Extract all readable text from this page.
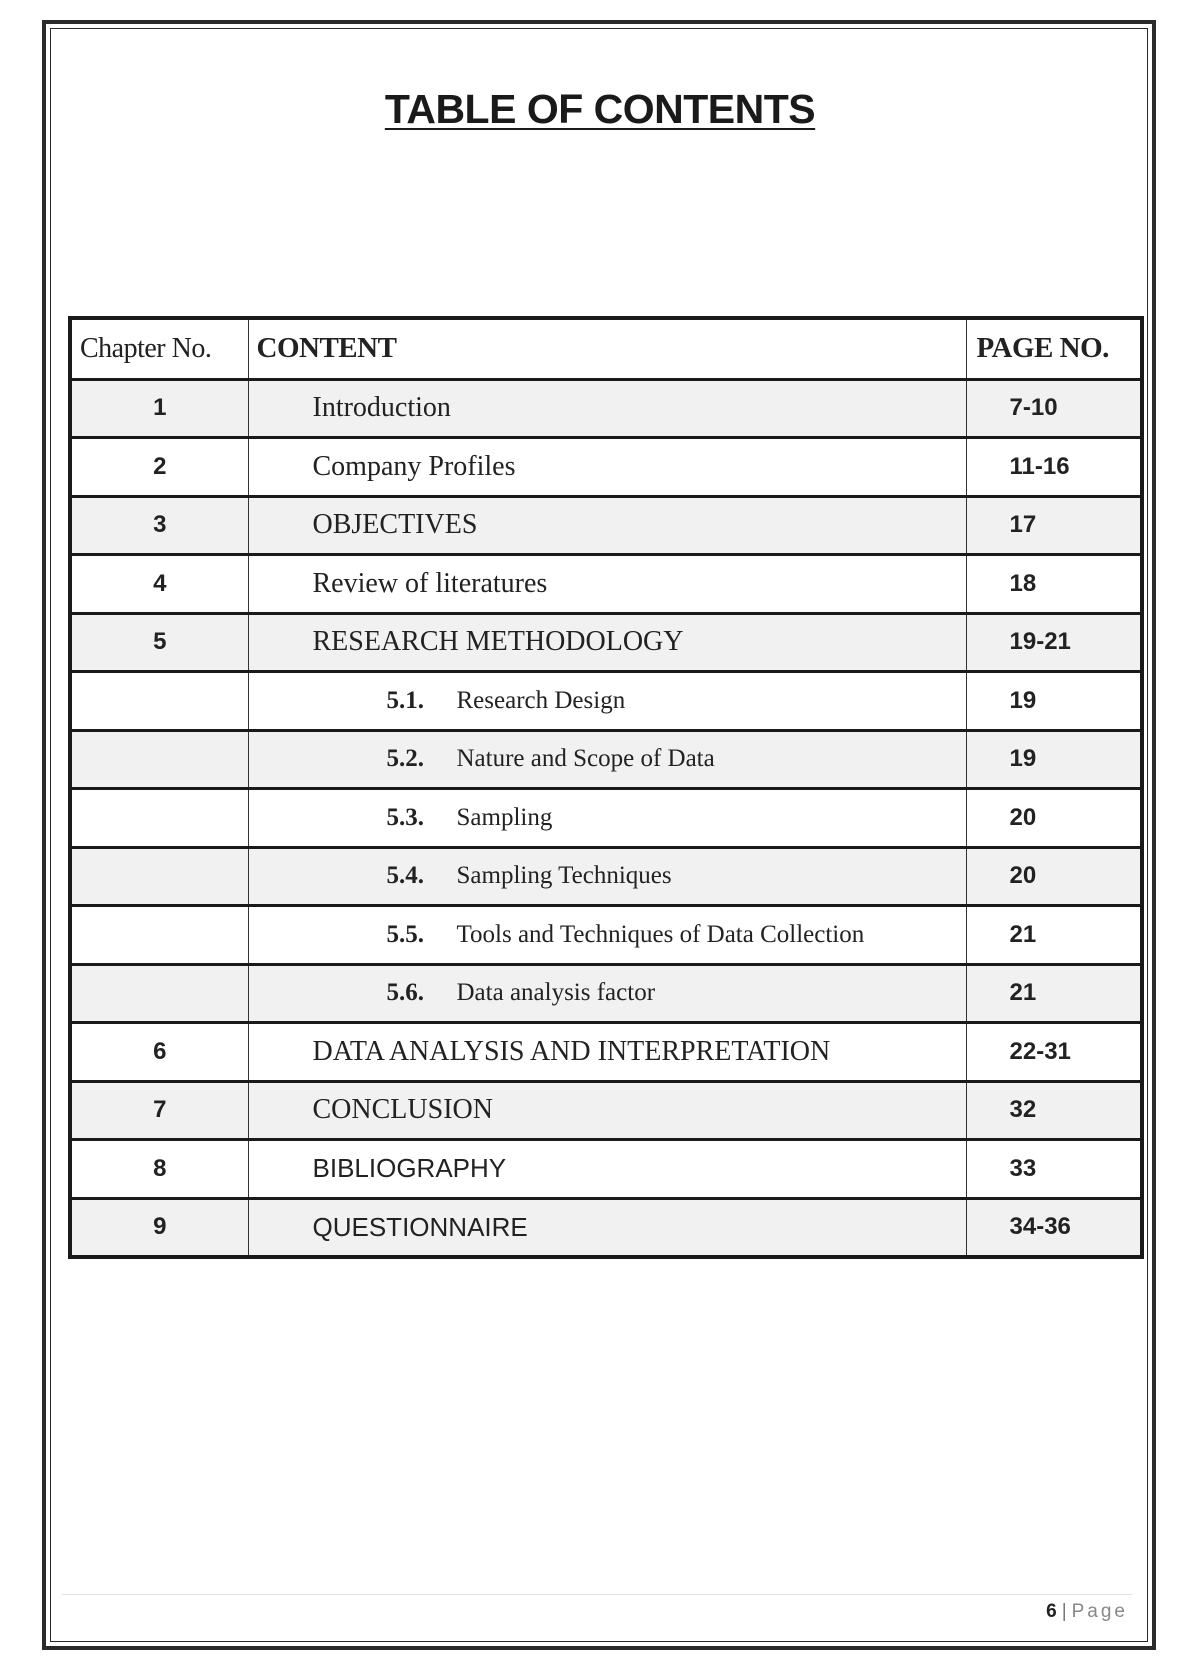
TABLE OF CONTENTS
Chapter No.	CONTENT	PAGE NO.
1	Introduction	7-10
2	Company Profiles	11-16
3	OBJECTIVES	17
4	Review of literatures	18
5	RESEARCH METHODOLOGY	19-21
	5.1. Research Design	19
	5.2. Nature and Scope of Data	19
	5.3. Sampling	20
	5.4. Sampling Techniques	20
	5.5. Tools and Techniques of Data Collection	21
	5.6. Data analysis factor	21
6	DATA ANALYSIS AND INTERPRETATION	22-31
7	CONCLUSION	32
8	BIBLIOGRAPHY	33
9	QUESTIONNAIRE	34-36
6 | Page
